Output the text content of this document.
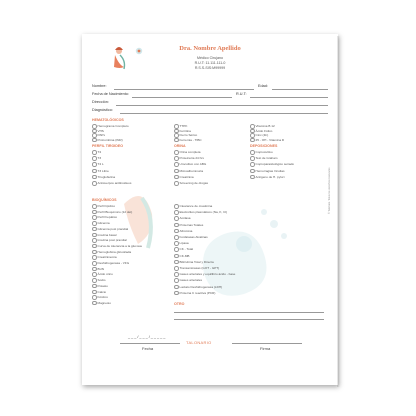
Dra. Nombre Apellido
Médico Cirujano
R.U.T: 11.111.111-0
R.S.S-SIS:M99999
Nombre:	Edad:
Fecha de Nacimiento:	R.U.T:
Dirección:
Diagnóstico:
HEMATOLÓGICOS
Hemograma Completo
VHS
PAPs
Protrombina (INR)
TTPK
Ferritina
Fierro Sérico
Ferremia - TIBC
Vitamina B 12
Ácido Fólico
Cinc (Zn)
25 - OH - Vitamina D
PERFIL TIROIDEO
T4
T3
T4 L
T3 Libre
Tiroglobulina
Anticuerpos antitiroideos
ORINA
Orina completa
Proteinuria 24 hrs
Urocultivo con ABG
Microalbuminuria
Creatinina
Screening de drogas
DEPOSICIONES
Coprocultivo
Test de Graham
Coproparasitológico seriado
Hemorragias Ocultas
Antígeno de H. pylori
BIOQUÍMICOS
Perfil lipídico
Perfil Bioquímico (12 det)
Perfil hepático
Glicemia
Glicemia post prandial
Insulina basal
Insulina post prandial
Curva de tolerancia a la glucosa
Hemoglobina glicosilada
Creatininemia
Deshidrogenasa - VFG
BUN
Ácido úrico
Sodio
Potasio
Calcio
Fósforo
Magnesio
Clearance de creatinina
Electrolitos plasmáticos (Na, K, Cl)
Amilasa
Proteínas Totales
Albúmina
Fosfatasas Alcalinas
Lipasa
CK - Total
CK-MB
Bilirrubina Total y Directa
Transaminasas (GOT - GPT)
Gases arteriales y equilibrio ácido - base
Gases arteriales
Lactato Deshidrogenasa (LDH)
Proteína C reactiva (PCR)
OTRO
___/___/_____
Fecha	Firma
TALONARIO
© Talonario. Todos los derechos reservados
